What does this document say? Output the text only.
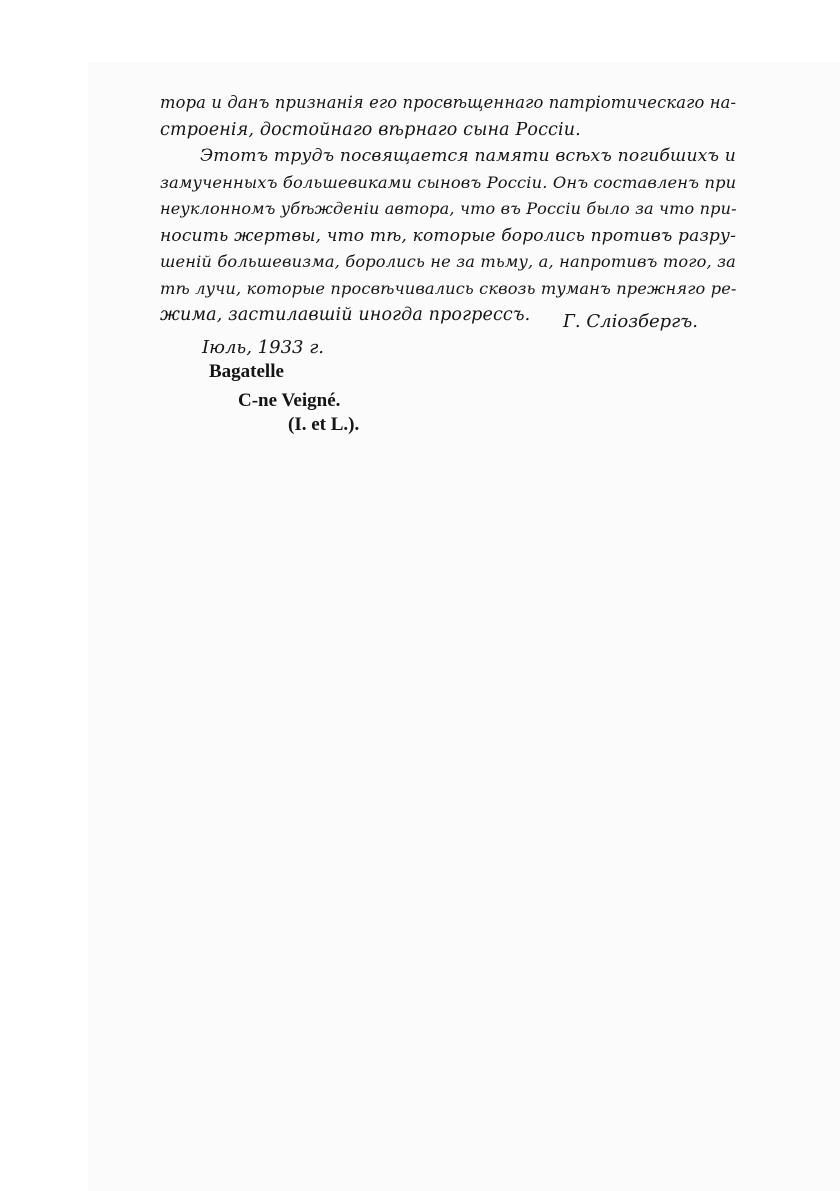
тора и данъ признанія его просвѣщеннаго патріотическаго на-
строенія, достойнаго вѣрнаго сына Россіи.

Этотъ трудъ посвящается памяти всѣхъ погибшихъ и
замученныхъ большевиками сыновъ Россіи. Онъ составленъ при
неуклонномъ убѣжденіи автора, что въ Россіи было за что при-
носить жертвы, что тѣ, которые боролись противъ разру-
шеній большевизма, боролись не за тьму, а, напротивъ того, за
тѣ лучи, которые просвѣчивались сквозь туманъ прежняго ре-
жима, застилавшій иногда прогрессъ.	Г. Слiозбергъ.
Iюль, 1933 г.
Bagatelle
C-ne Veigné.
(I. et L.).
